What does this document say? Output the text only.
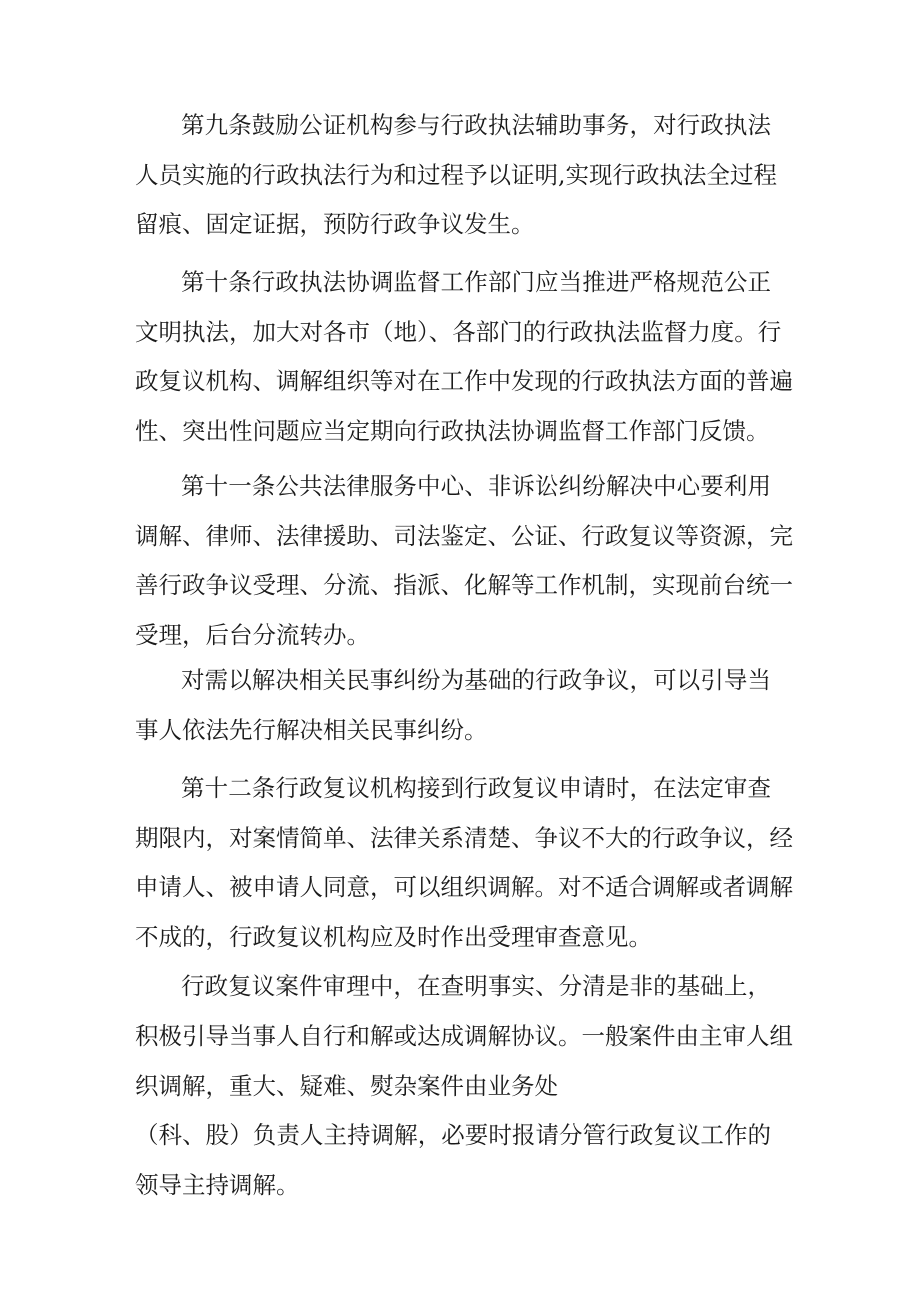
第九条鼓励公证机构参与行政执法辅助事务，对行政执法

人员实施的行政执法行为和过程予以证明,实现行政执法全过程

留痕、固定证据，预防行政争议发生。

第十条行政执法协调监督工作部门应当推进严格规范公正

文明执法，加大对各市（地）、各部门的行政执法监督力度。行

政复议机构、调解组织等对在工作中发现的行政执法方面的普遍

性、突出性问题应当定期向行政执法协调监督工作部门反馈。

第十一条公共法律服务中心、非诉讼纠纷解决中心要利用

调解、律师、法律援助、司法鉴定、公证、行政复议等资源，完

善行政争议受理、分流、指派、化解等工作机制，实现前台统一

受理，后台分流转办。

对需以解决相关民事纠纷为基础的行政争议，可以引导当

事人依法先行解决相关民事纠纷。

第十二条行政复议机构接到行政复议申请时，在法定审查

期限内，对案情简单、法律关系清楚、争议不大的行政争议，经

申请人、被申请人同意，可以组织调解。对不适合调解或者调解

不成的，行政复议机构应及时作出受理审查意见。

行政复议案件审理中，在查明事实、分清是非的基础上，

积极引导当事人自行和解或达成调解协议。一般案件由主审人组

织调解，重大、疑难、熨杂案件由业务处

（科、股）负责人主持调解，必要时报请分管行政复议工作的

领导主持调解。
